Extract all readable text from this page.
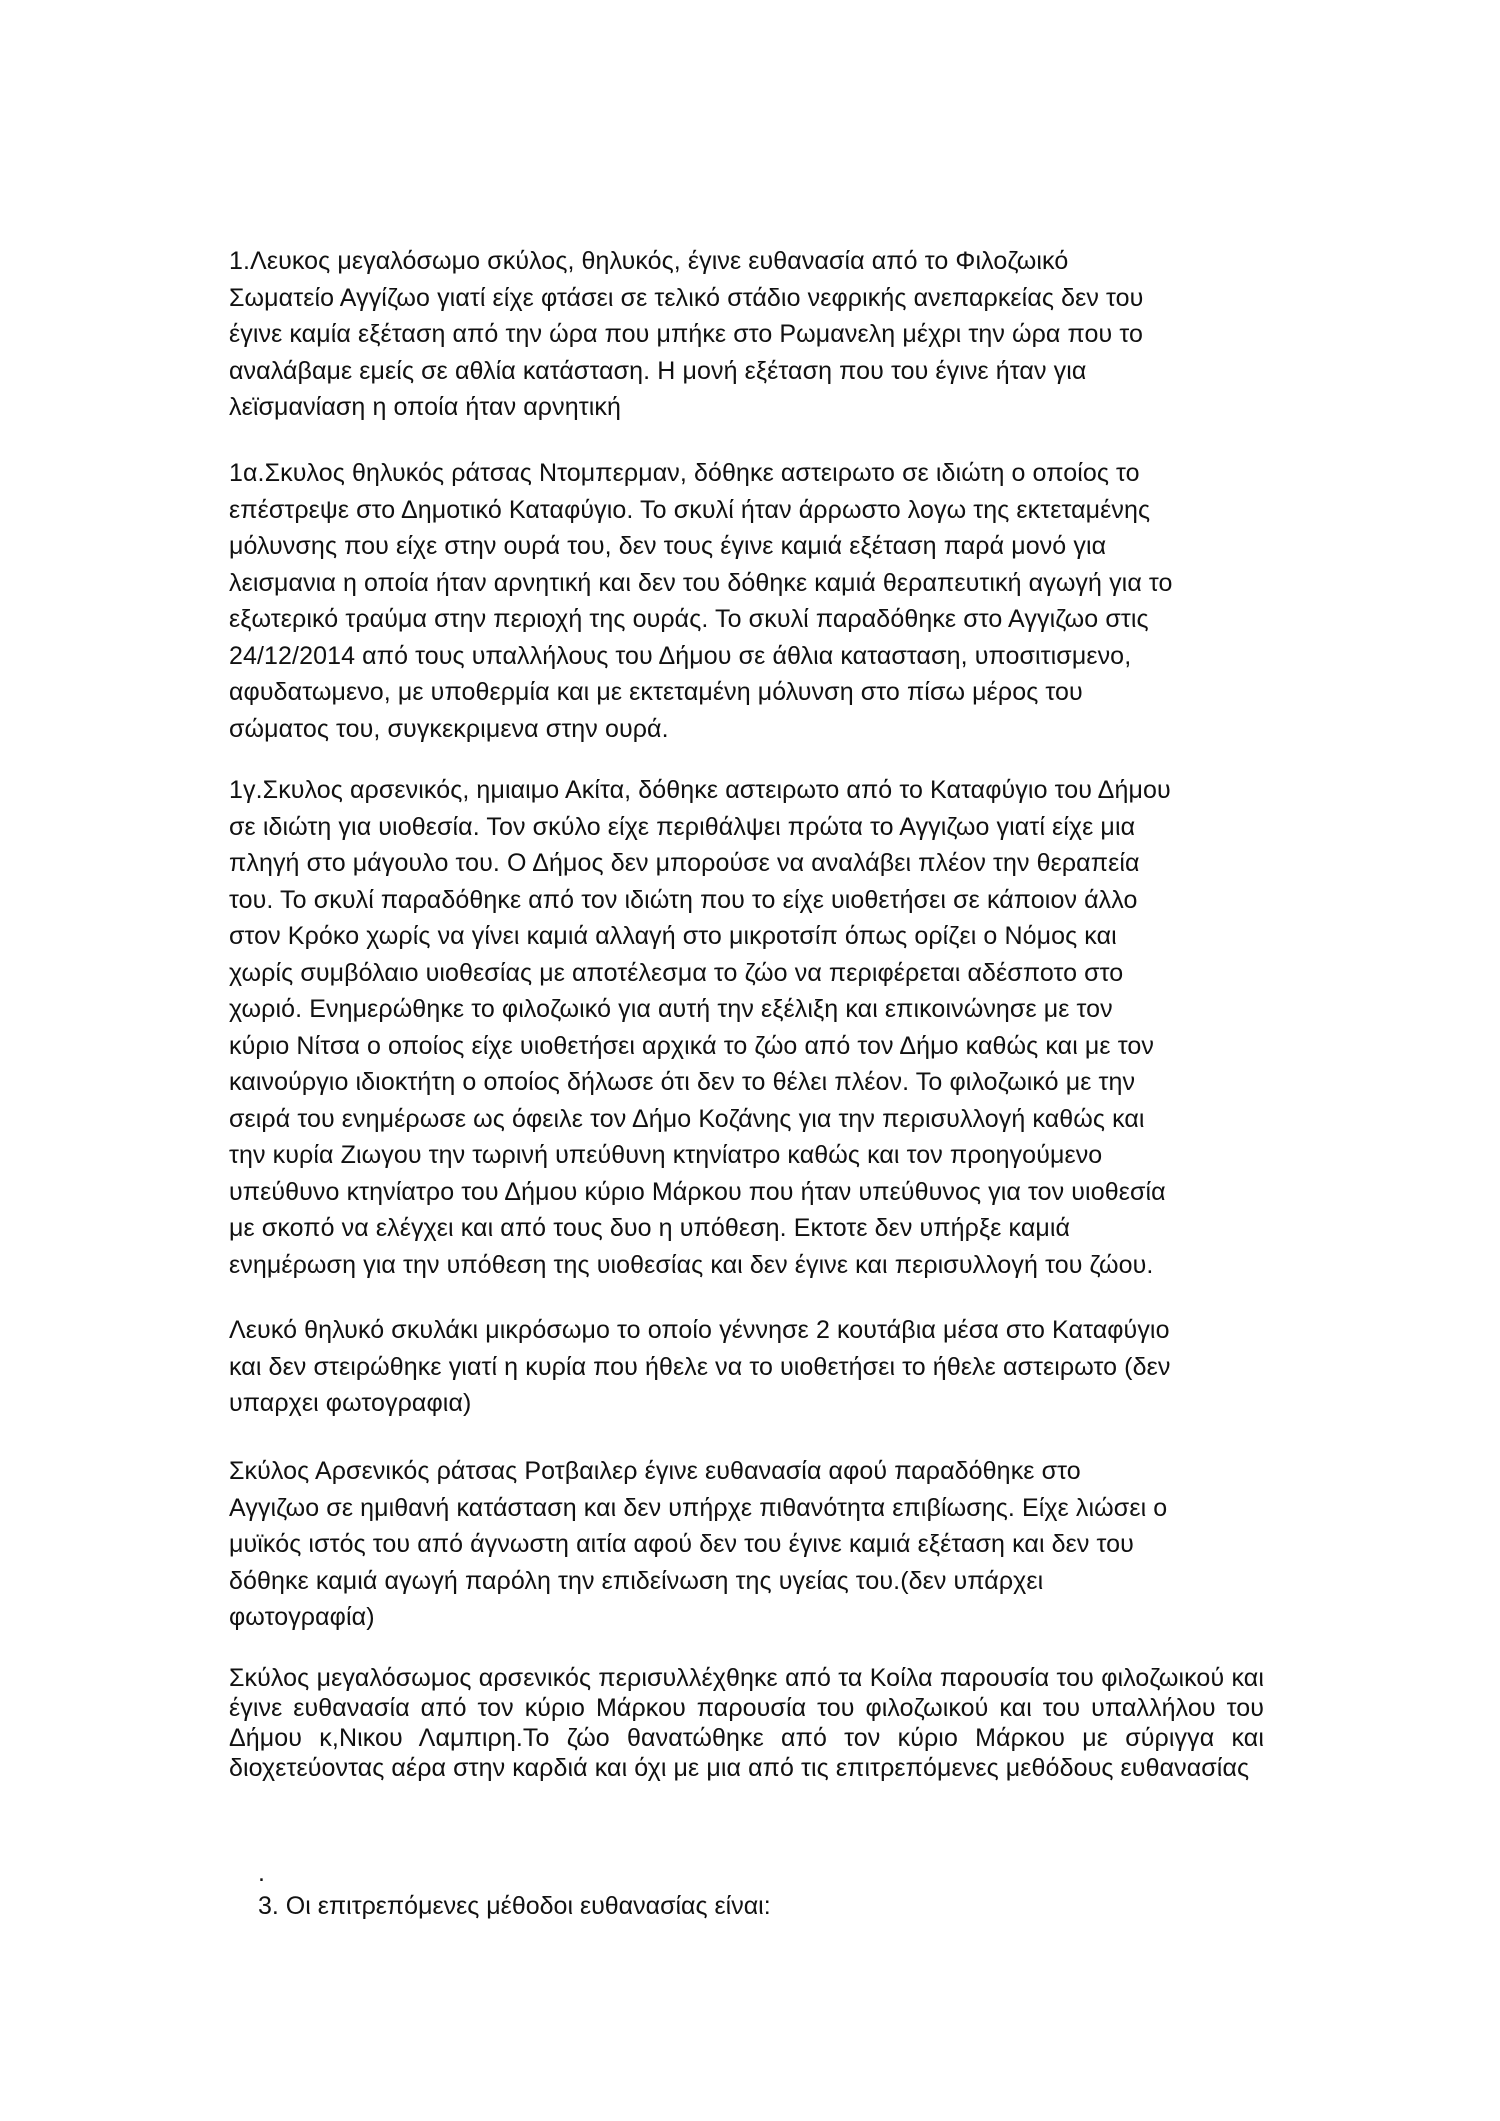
1.Λευκος μεγαλόσωμο σκύλος, θηλυκός, έγινε ευθανασία από το Φιλοζωικό
Σωματείο Αγγίζωο γιατί είχε φτάσει σε τελικό στάδιο νεφρικής ανεπαρκείας δεν του
έγινε καμία εξέταση από την ώρα που μπήκε στο Ρωμανελη μέχρι την ώρα που το
αναλάβαμε εμείς σε αθλία κατάσταση. Η μονή εξέταση που του έγινε ήταν για
λεϊσμανίαση η οποία ήταν αρνητική

1α.Σκυλος θηλυκός ράτσας Ντομπερμαν, δόθηκε αστειρωτο σε ιδιώτη ο οποίος το
επέστρεψε στο Δημοτικό Καταφύγιο. Το σκυλί ήταν άρρωστο λογω της εκτεταμένης
μόλυνσης που είχε στην ουρά του, δεν τους έγινε καμιά εξέταση παρά μονό για
λεισμανια η οποία ήταν αρνητική και δεν του δόθηκε καμιά θεραπευτική αγωγή για το
εξωτερικό τραύμα στην περιοχή της ουράς. Το σκυλί παραδόθηκε στο Αγγιζωο στις
24/12/2014 από τους υπαλλήλους του Δήμου σε άθλια κατασταση, υποσιτισμενο,
αφυδατωμενο, με υποθερμία και με εκτεταμένη μόλυνση στο πίσω μέρος του
σώματος του, συγκεκριμενα στην ουρά.

1γ.Σκυλος αρσενικός, ημιαιμο Ακίτα, δόθηκε αστειρωτο από το Καταφύγιο του Δήμου
σε ιδιώτη για υιοθεσία. Τον σκύλο είχε περιθάλψει πρώτα το Αγγιζωο γιατί είχε μια
πληγή στο μάγουλο του. Ο Δήμος δεν μπορούσε να αναλάβει πλέον την θεραπεία
του. Το σκυλί παραδόθηκε από τον ιδιώτη που το είχε υιοθετήσει σε κάποιον άλλο
στον Κρόκο χωρίς να γίνει καμιά αλλαγή στο μικροτσίπ όπως ορίζει ο Νόμος και
χωρίς συμβόλαιο υιοθεσίας με αποτέλεσμα το ζώο να περιφέρεται αδέσποτο στο
χωριό. Ενημερώθηκε το φιλοζωικό για αυτή την εξέλιξη και επικοινώνησε με τον
κύριο Νίτσα ο οποίος είχε υιοθετήσει αρχικά το ζώο από τον Δήμο καθώς και με τον
καινούργιο ιδιοκτήτη ο οποίος δήλωσε ότι δεν το θέλει πλέον. Το φιλοζωικό με την
σειρά του ενημέρωσε ως όφειλε τον Δήμο Κοζάνης για την περισυλλογή καθώς και
την κυρία Ζιωγου την τωρινή υπεύθυνη κτηνίατρο καθώς και τον προηγούμενο
υπεύθυνο κτηνίατρο του Δήμου κύριο Μάρκου που ήταν υπεύθυνος για τον υιοθεσία
με σκοπό να ελέγχει και από τους δυο η υπόθεση. Εκτοτε δεν υπήρξε καμιά
ενημέρωση για την υπόθεση της υιοθεσίας και δεν έγινε και περισυλλογή του ζώου.

Λευκό θηλυκό σκυλάκι μικρόσωμο το οποίο γέννησε 2 κουτάβια μέσα στο Καταφύγιο
και δεν στειρώθηκε γιατί η κυρία που ήθελε να το υιοθετήσει το ήθελε αστειρωτο (δεν
υπαρχει φωτογραφια)

Σκύλος Αρσενικός ράτσας Ροτβαιλερ έγινε ευθανασία αφού παραδόθηκε στο
Αγγιζωο σε ημιθανή κατάσταση και δεν υπήρχε πιθανότητα επιβίωσης. Είχε λιώσει ο
μυϊκός ιστός του από άγνωστη αιτία αφού δεν του έγινε καμιά εξέταση και δεν του
δόθηκε καμιά αγωγή παρόλη την επιδείνωση της υγείας του.(δεν υπάρχει
φωτογραφία)

Σκύλος μεγαλόσωμος αρσενικός περισυλλέχθηκε από τα Κοίλα παρουσία του φιλοζωικού και έγινε ευθανασία από τον κύριο Μάρκου παρουσία του φιλοζωικού και του υπαλλήλου του Δήμου κ,Νικου Λαμπιρη.Το ζώο θανατώθηκε από τον κύριο Μάρκου με σύριγγα και διοχετεύοντας αέρα στην καρδιά και όχι με μια από τις επιτρεπόμενες μεθόδους ευθανασίας

.

3. Οι επιτρεπόμενες μέθοδοι ευθανασίας είναι:
